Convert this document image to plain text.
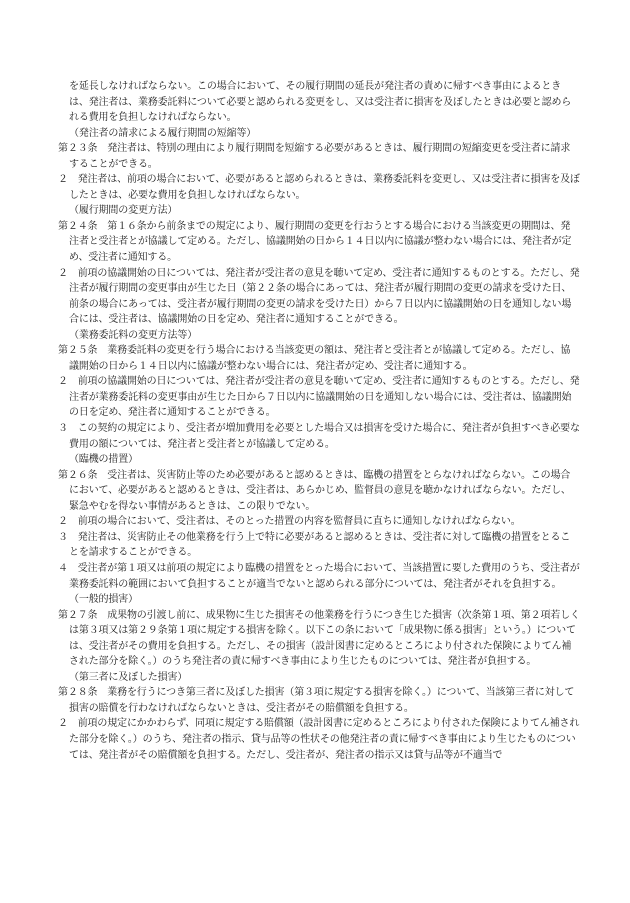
を延長しなければならない。この場合において、その履行期間の延長が発注者の責めに帰すべき事由によるときは、発注者は、業務委託料について必要と認められる変更をし、又は受注者に損害を及ぼしたときは必要と認められる費用を負担しなければならない。

（発注者の請求による履行期間の短縮等）

第２３条　発注者は、特別の理由により履行期間を短縮する必要があるときは、履行期間の短縮変更を受注者に請求することができる。

２　発注者は、前項の場合において、必要があると認められるときは、業務委託料を変更し、又は受注者に損害を及ぼしたときは、必要な費用を負担しなければならない。

（履行期間の変更方法）

第２４条　第１６条から前条までの規定により、履行期間の変更を行おうとする場合における当該変更の期間は、発注者と受注者とが協議して定める。ただし、協議開始の日から１４日以内に協議が整わない場合には、発注者が定め、受注者に通知する。

２　前項の協議開始の日については、発注者が受注者の意見を聴いて定め、受注者に通知するものとする。ただし、発注者が履行期間の変更事由が生じた日（第２２条の場合にあっては、発注者が履行期間の変更の請求を受けた日、前条の場合にあっては、受注者が履行期間の変更の請求を受けた日）から７日以内に協議開始の日を通知しない場合には、受注者は、協議開始の日を定め、発注者に通知することができる。

（業務委託料の変更方法等）

第２５条　業務委託料の変更を行う場合における当該変更の額は、発注者と受注者とが協議して定める。ただし、協議開始の日から１４日以内に協議が整わない場合には、発注者が定め、受注者に通知する。

２　前項の協議開始の日については、発注者が受注者の意見を聴いて定め、受注者に通知するものとする。ただし、発注者が業務委託料の変更事由が生じた日から７日以内に協議開始の日を通知しない場合には、受注者は、協議開始の日を定め、発注者に通知することができる。

３　この契約の規定により、受注者が増加費用を必要とした場合又は損害を受けた場合に、発注者が負担すべき必要な費用の額については、発注者と受注者とが協議して定める。

（臨機の措置）

第２６条　受注者は、災害防止等のため必要があると認めるときは、臨機の措置をとらなければならない。この場合において、必要があると認めるときは、受注者は、あらかじめ、監督員の意見を聴かなければならない。ただし、緊急やむを得ない事情があるときは、この限りでない。

２　前項の場合において、受注者は、そのとった措置の内容を監督員に直ちに通知しなければならない。

３　発注者は、災害防止その他業務を行う上で特に必要があると認めるときは、受注者に対して臨機の措置をとることを請求することができる。

４　受注者が第１項又は前項の規定により臨機の措置をとった場合において、当該措置に要した費用のうち、受注者が業務委託料の範囲において負担することが適当でないと認められる部分については、発注者がそれを負担する。

（一般的損害）

第２７条　成果物の引渡し前に、成果物に生じた損害その他業務を行うにつき生じた損害（次条第１項、第２項若しくは第３項又は第２９条第１項に規定する損害を除く。以下この条において「成果物に係る損害」という。）については、受注者がその費用を負担する。ただし、その損害（設計図書に定めるところにより付された保険によりてん補された部分を除く。）のうち発注者の責に帰すべき事由により生じたものについては、発注者が負担する。

（第三者に及ぼした損害）

第２８条　業務を行うにつき第三者に及ぼした損害（第３項に規定する損害を除く。）について、当該第三者に対して損害の賠償を行わなければならないときは、受注者がその賠償額を負担する。

２　前項の規定にかかわらず、同項に規定する賠償額（設計図書に定めるところにより付された保険によりてん補された部分を除く。）のうち、発注者の指示、貸与品等の性状その他発注者の責に帰すべき事由により生じたものについては、発注者がその賠償額を負担する。ただし、受注者が、発注者の指示又は貸与品等が不適当で
